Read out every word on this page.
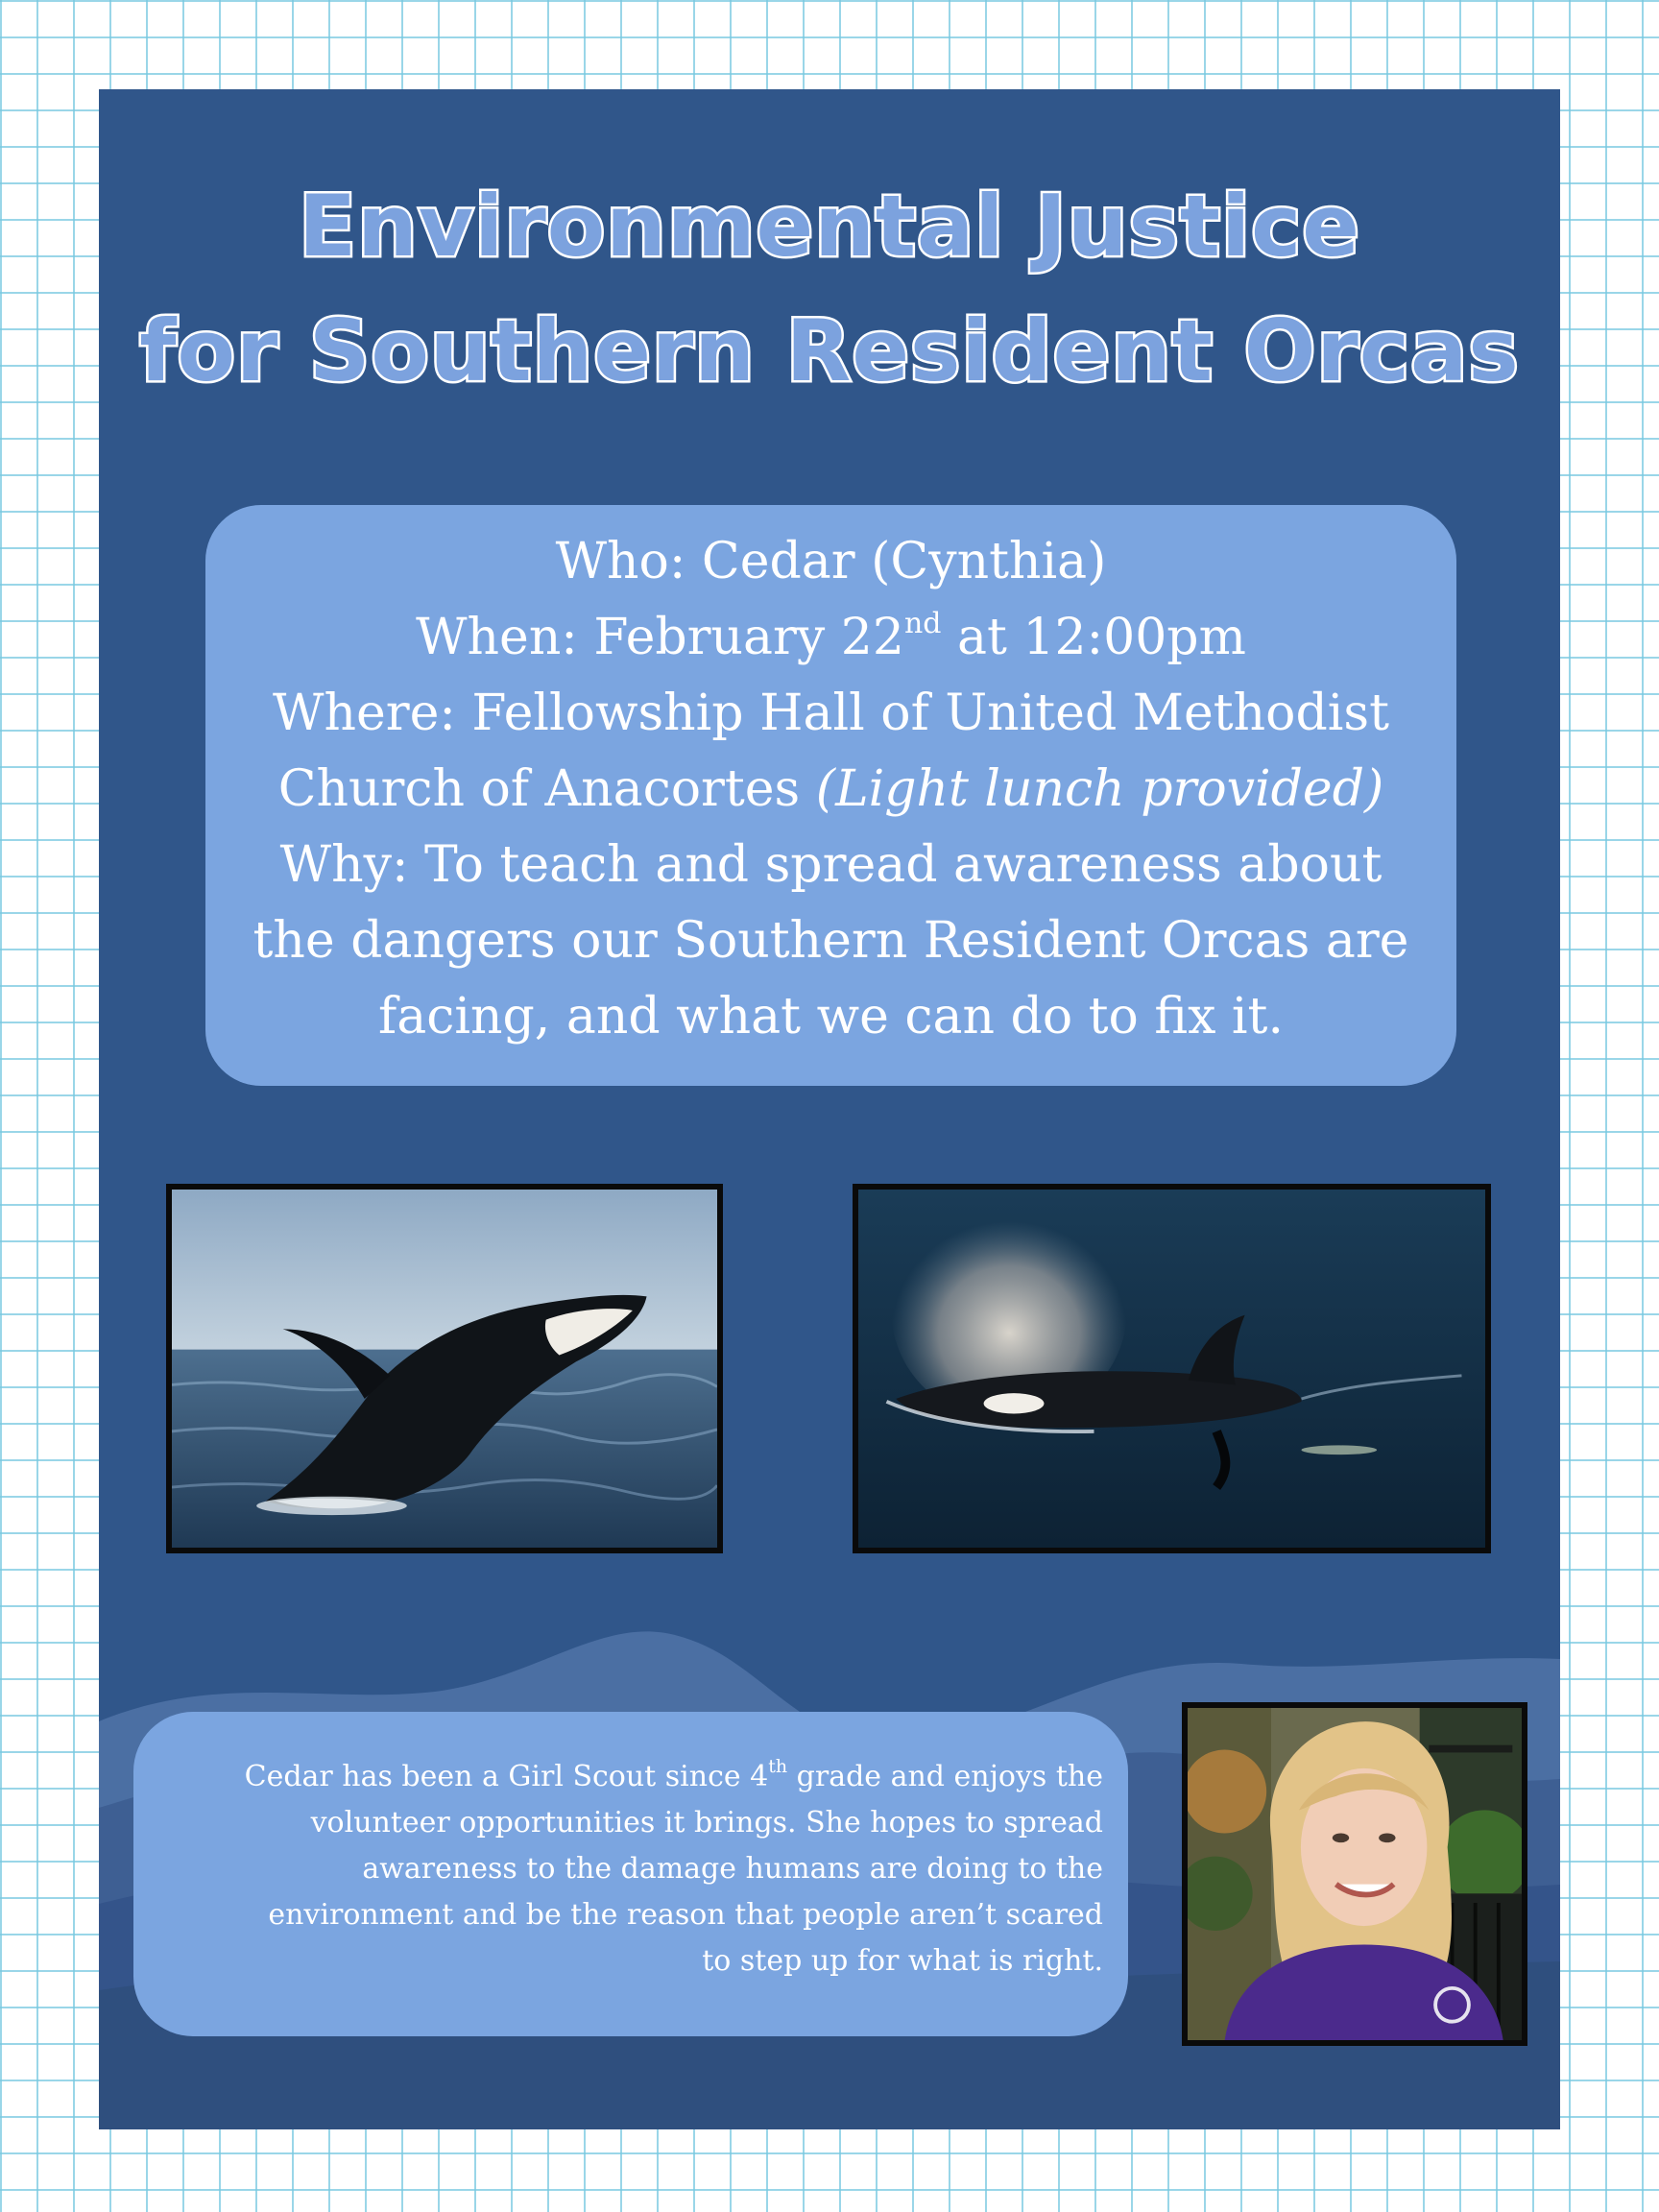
Environmental Justice
for Southern Resident Orcas
Who: Cedar (Cynthia)
When: February 22nd at 12:00pm
Where: Fellowship Hall of United Methodist
Church of Anacortes (Light lunch provided)
Why: To teach and spread awareness about
the dangers our Southern Resident Orcas are
facing, and what we can do to fix it.
Cedar has been a Girl Scout since 4th grade and enjoys the
volunteer opportunities it brings. She hopes to spread
awareness to the damage humans are doing to the
environment and be the reason that people aren’t scared
to step up for what is right.
